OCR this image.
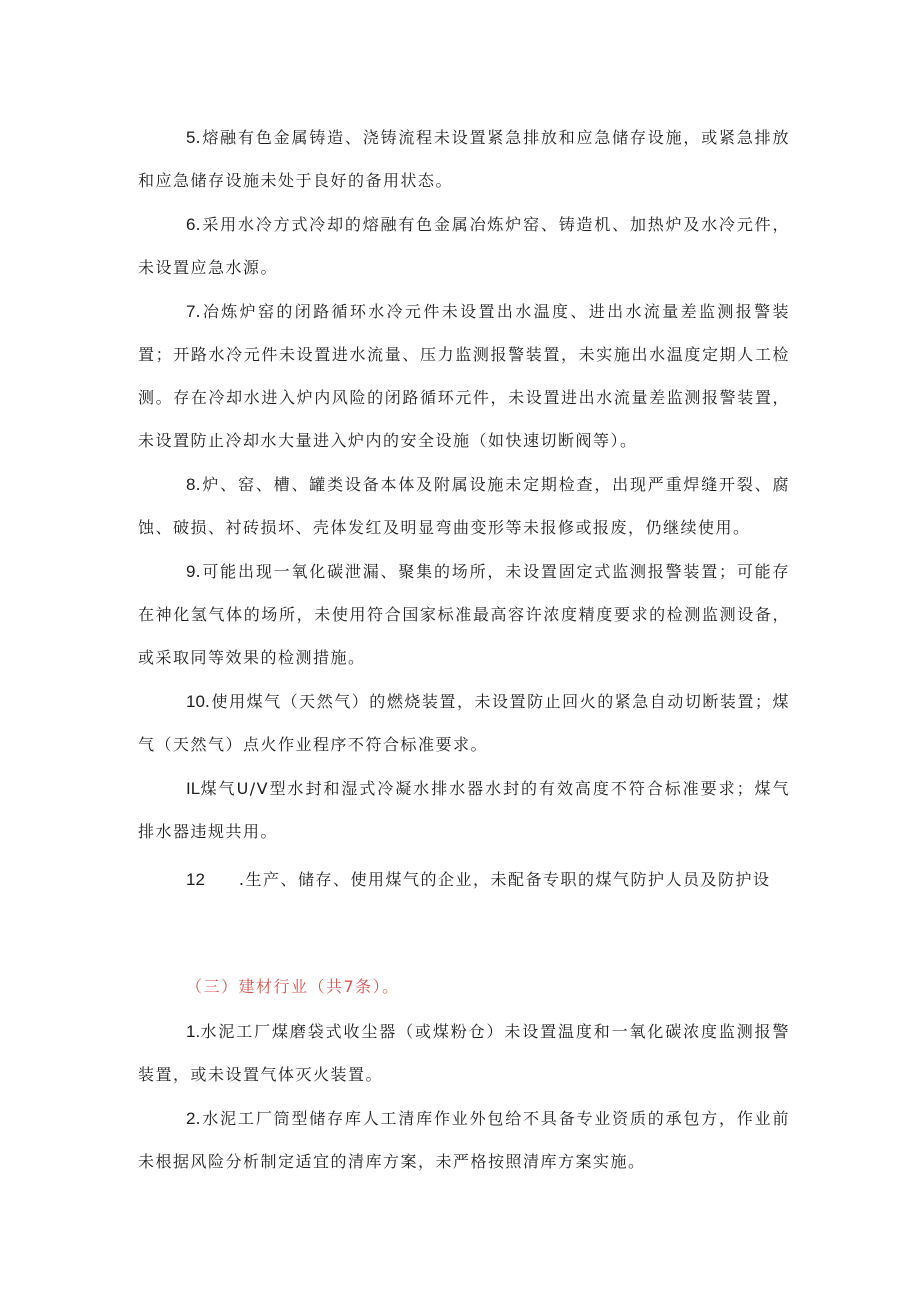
5.熔融有色金属铸造、浇铸流程未设置紧急排放和应急储存设施，或紧急排放和应急储存设施未处于良好的备用状态。

6.采用水冷方式冷却的熔融有色金属冶炼炉窑、铸造机、加热炉及水冷元件，未设置应急水源。

7.冶炼炉窑的闭路循环水冷元件未设置出水温度、进出水流量差监测报警装置；开路水冷元件未设置进水流量、压力监测报警装置，未实施出水温度定期人工检测。存在冷却水进入炉内风险的闭路循环元件，未设置进出水流量差监测报警装置，未设置防止冷却水大量进入炉内的安全设施（如快速切断阀等）。

8.炉、窑、槽、罐类设备本体及附属设施未定期检查，出现严重焊缝开裂、腐蚀、破损、衬砖损坏、壳体发红及明显弯曲变形等未报修或报废，仍继续使用。

9.可能出现一氧化碳泄漏、聚集的场所，未设置固定式监测报警装置；可能存在神化氢气体的场所，未使用符合国家标准最高容许浓度精度要求的检测监测设备，或采取同等效果的检测措施。

10.使用煤气（天然气）的燃烧装置，未设置防止回火的紧急自动切断装置；煤气（天然气）点火作业程序不符合标准要求。

IL煤气U/V型水封和湿式冷凝水排水器水封的有效高度不符合标准要求；煤气排水器违规共用。

12 .生产、储存、使用煤气的企业，未配备专职的煤气防护人员及防护设

（三）建材行业（共7条）。

1.水泥工厂煤磨袋式收尘器（或煤粉仓）未设置温度和一氧化碳浓度监测报警装置，或未设置气体灭火装置。

2.水泥工厂筒型储存库人工清库作业外包给不具备专业资质的承包方，作业前未根据风险分析制定适宜的清库方案，未严格按照清库方案实施。
